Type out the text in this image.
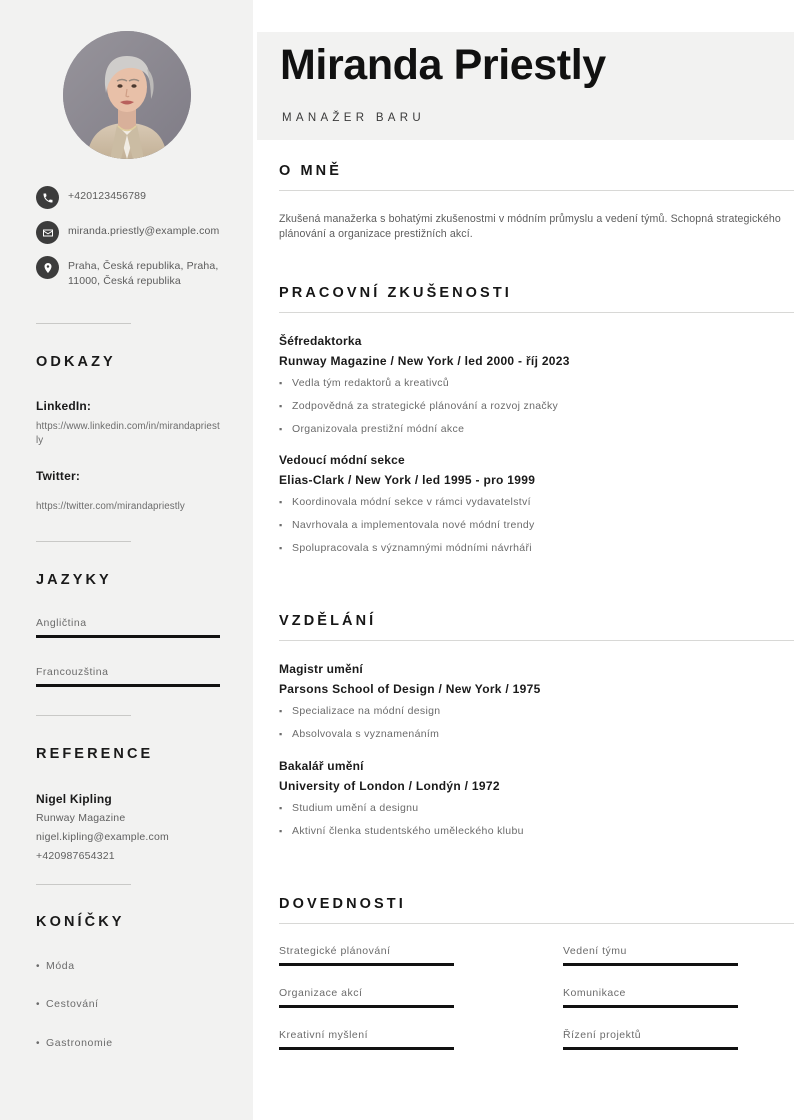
+420123456789
miranda.priestly@example.com
Praha, Česká republika, Praha, 11000, Česká republika
ODKAZY
LinkedIn:
https://www.linkedin.com/in/mirandapriestly
Twitter:
https://twitter.com/mirandapriestly
JAZYKY
Angličtina
Francouzština
REFERENCE
Nigel Kipling
Runway Magazine
nigel.kipling@example.com
+420987654321
KONÍČKY
• Móda
• Cestování
• Gastronomie
Miranda Priestly
MANAŽER BARU
O MNĚ
Zkušená manažerka s bohatými zkušenostmi v módním průmyslu a vedení týmů. Schopná strategického plánování a organizace prestižních akcí.
PRACOVNÍ ZKUŠENOSTI
Šéfredaktorka
Runway Magazine / New York / led 2000 - říj 2023
▪ Vedla tým redaktorů a kreativců
▪ Zodpovědná za strategické plánování a rozvoj značky
▪ Organizovala prestižní módní akce
Vedoucí módní sekce
Elias-Clark / New York / led 1995 - pro 1999
▪ Koordinovala módní sekce v rámci vydavatelství
▪ Navrhovala a implementovala nové módní trendy
▪ Spolupracovala s významnými módními návrháři
VZDĚLÁNÍ
Magistr umění
Parsons School of Design / New York / 1975
▪ Specializace na módní design
▪ Absolvovala s vyznamenáním
Bakalář umění
University of London / Londýn / 1972
▪ Studium umění a designu
▪ Aktivní členka studentského uměleckého klubu
DOVEDNOSTI
Strategické plánování	Vedení týmu
Organizace akcí	Komunikace
Kreativní myšlení	Řízení projektů
